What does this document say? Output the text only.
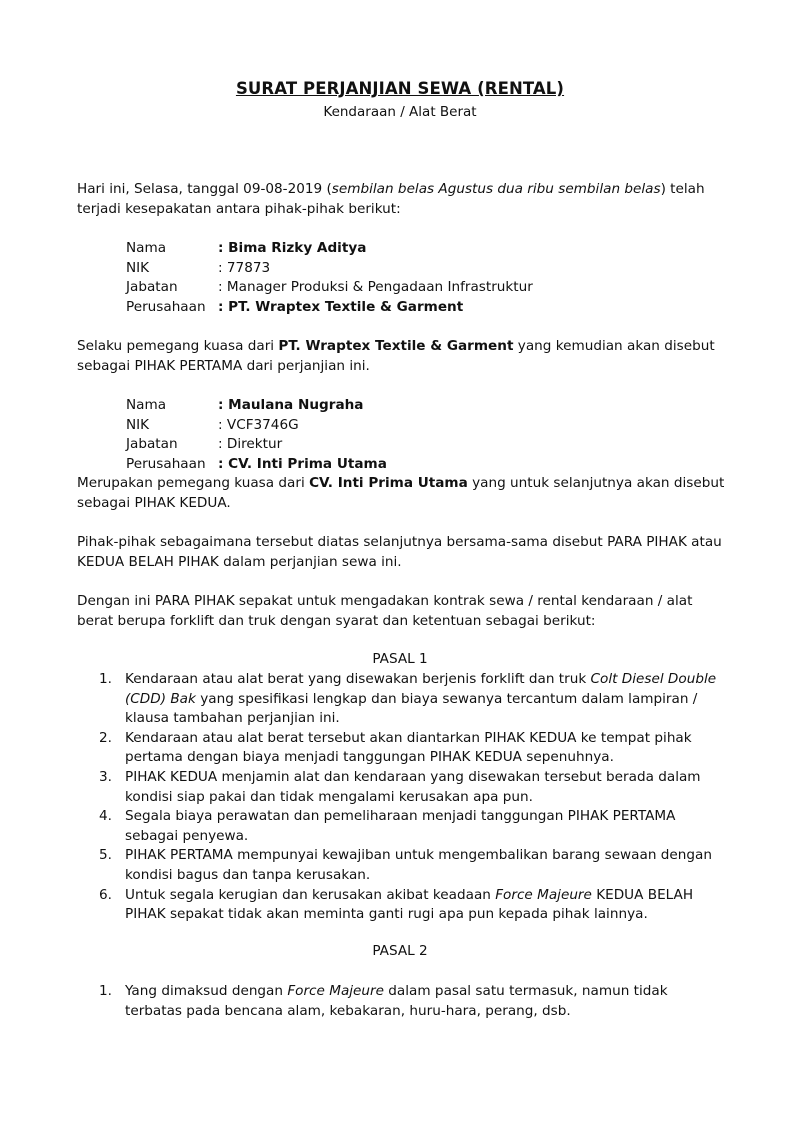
SURAT PERJANJIAN SEWA (RENTAL)
Kendaraan / Alat Berat

Hari ini, Selasa, tanggal 09-08-2019 (sembilan belas Agustus dua ribu sembilan belas) telah terjadi kesepakatan antara pihak-pihak berikut:

Nama	: Bima Rizky Aditya
NIK	: 77873
Jabatan	: Manager Produksi & Pengadaan Infrastruktur
Perusahaan : PT. Wraptex Textile & Garment

Selaku pemegang kuasa dari PT. Wraptex Textile & Garment yang kemudian akan disebut sebagai PIHAK PERTAMA dari perjanjian ini.

Nama	: Maulana Nugraha
NIK	: VCF3746G
Jabatan	: Direktur
Perusahaan : CV. Inti Prima Utama

Merupakan pemegang kuasa dari CV. Inti Prima Utama yang untuk selanjutnya akan disebut sebagai PIHAK KEDUA.

Pihak-pihak sebagaimana tersebut diatas selanjutnya bersama-sama disebut PARA PIHAK atau KEDUA BELAH PIHAK dalam perjanjian sewa ini.

Dengan ini PARA PIHAK sepakat untuk mengadakan kontrak sewa / rental kendaraan / alat berat berupa forklift dan truk dengan syarat dan ketentuan sebagai berikut:

PASAL 1
1. Kendaraan atau alat berat yang disewakan berjenis forklift dan truk Colt Diesel Double (CDD) Bak yang spesifikasi lengkap dan biaya sewanya tercantum dalam lampiran / klausa tambahan perjanjian ini.
2. Kendaraan atau alat berat tersebut akan diantarkan PIHAK KEDUA ke tempat pihak pertama dengan biaya menjadi tanggungan PIHAK KEDUA sepenuhnya.
3. PIHAK KEDUA menjamin alat dan kendaraan yang disewakan tersebut berada dalam kondisi siap pakai dan tidak mengalami kerusakan apa pun.
4. Segala biaya perawatan dan pemeliharaan menjadi tanggungan PIHAK PERTAMA sebagai penyewa.
5. PIHAK PERTAMA mempunyai kewajiban untuk mengembalikan barang sewaan dengan kondisi bagus dan tanpa kerusakan.
6. Untuk segala kerugian dan kerusakan akibat keadaan Force Majeure KEDUA BELAH PIHAK sepakat tidak akan meminta ganti rugi apa pun kepada pihak lainnya.
PASAL 2
1. Yang dimaksud dengan Force Majeure dalam pasal satu termasuk, namun tidak terbatas pada bencana alam, kebakaran, huru-hara, perang, dsb.
